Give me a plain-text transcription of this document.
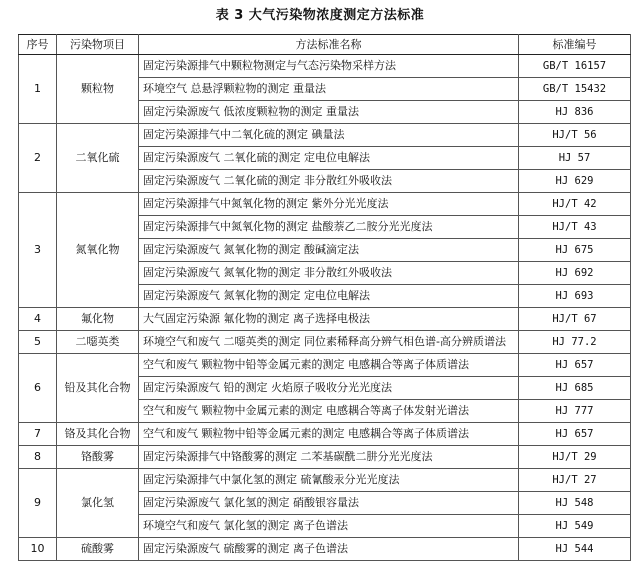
表 3 大气污染物浓度测定方法标准
序号	污染物项目	方法标准名称	标准编号
1	颗粒物	固定污染源排气中颗粒物测定与气态污染物采样方法	GB/T 16157
		环境空气 总悬浮颗粒物的测定 重量法	GB/T 15432
		固定污染源废气 低浓度颗粒物的测定 重量法	HJ 836
2	二氧化硫	固定污染源排气中二氧化硫的测定 碘量法	HJ/T 56
		固定污染源废气 二氧化硫的测定 定电位电解法	HJ 57
		固定污染源废气 二氧化硫的测定 非分散红外吸收法	HJ 629
3	氮氧化物	固定污染源排气中氮氧化物的测定 紫外分光光度法	HJ/T 42
		固定污染源排气中氮氧化物的测定 盐酸萘乙二胺分光光度法	HJ/T 43
		固定污染源废气 氮氧化物的测定 酸碱滴定法	HJ 675
		固定污染源废气 氮氧化物的测定 非分散红外吸收法	HJ 692
		固定污染源废气 氮氧化物的测定 定电位电解法	HJ 693
4	氟化物	大气固定污染源 氟化物的测定 离子选择电极法	HJ/T 67
5	二噁英类	环境空气和废气 二噁英类的测定 同位素稀释高分辨气相色谱-高分辨质谱法	HJ 77.2
6	铅及其化合物	空气和废气 颗粒物中铅等金属元素的测定 电感耦合等离子体质谱法	HJ 657
		固定污染源废气 铅的测定 火焰原子吸收分光光度法	HJ 685
		空气和废气 颗粒物中金属元素的测定 电感耦合等离子体发射光谱法	HJ 777
7	铬及其化合物	空气和废气 颗粒物中铅等金属元素的测定 电感耦合等离子体质谱法	HJ 657
8	铬酸雾	固定污染源排气中铬酸雾的测定 二苯基碳酰二肼分光光度法	HJ/T 29
9	氯化氢	固定污染源排气中氯化氢的测定 硫氰酸汞分光光度法	HJ/T 27
		固定污染源废气 氯化氢的测定 硝酸银容量法	HJ 548
		环境空气和废气 氯化氢的测定 离子色谱法	HJ 549
10	硫酸雾	固定污染源废气 硫酸雾的测定 离子色谱法	HJ 544
